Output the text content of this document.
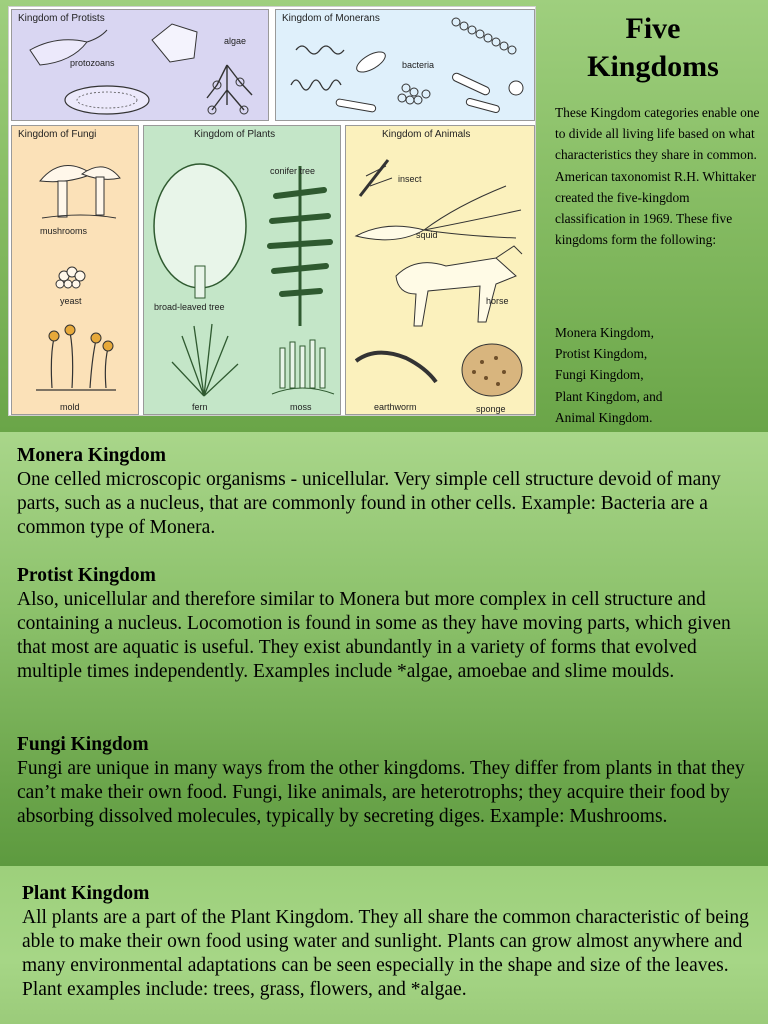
Kingdom of Protists
protozoans
algae
Kingdom of Monerans
bacteria
Kingdom of Fungi
mushrooms
yeast
mold
Kingdom of Plants
conifer tree
broad-leaved tree
fern	moss
Kingdom of Animals
insect
squid
horse
earthworm	sponge
Five
Kingdoms

These Kingdom categories enable one to divide all living life based on what characteristics they share in common. American taxonomist R.H. Whittaker created the five-kingdom classification in 1969. These five kingdoms form the following:

Monera Kingdom,
Protist Kingdom,
Fungi Kingdom,
Plant Kingdom, and
Animal Kingdom.
Monera Kingdom

One celled microscopic organisms - unicellular. Very simple cell structure devoid of many parts, such as a nucleus, that are commonly found in other cells. Example: Bacteria are a common type of Monera.

Protist Kingdom

Also, unicellular and therefore similar to Monera but more complex in cell structure and containing a nucleus. Locomotion is found in some as they have moving parts, which given that most are aquatic is useful. They exist abundantly in a variety of forms that evolved multiple times independently. Examples include *algae, amoebae and slime moulds.

Fungi Kingdom

Fungi are unique in many ways from the other kingdoms. They differ from plants in that they can’t make their own food. Fungi, like animals, are heterotrophs; they acquire their food by absorbing dissolved molecules, typically by secreting diges. Example: Mushrooms.

Plant Kingdom

All plants are a part of the Plant Kingdom. They all share the common characteristic of being able to make their own food using water and sunlight. Plants can grow almost anywhere and many environmental adaptations can be seen especially in the shape and size of the leaves. Plant examples include: trees, grass, flowers, and *algae.
